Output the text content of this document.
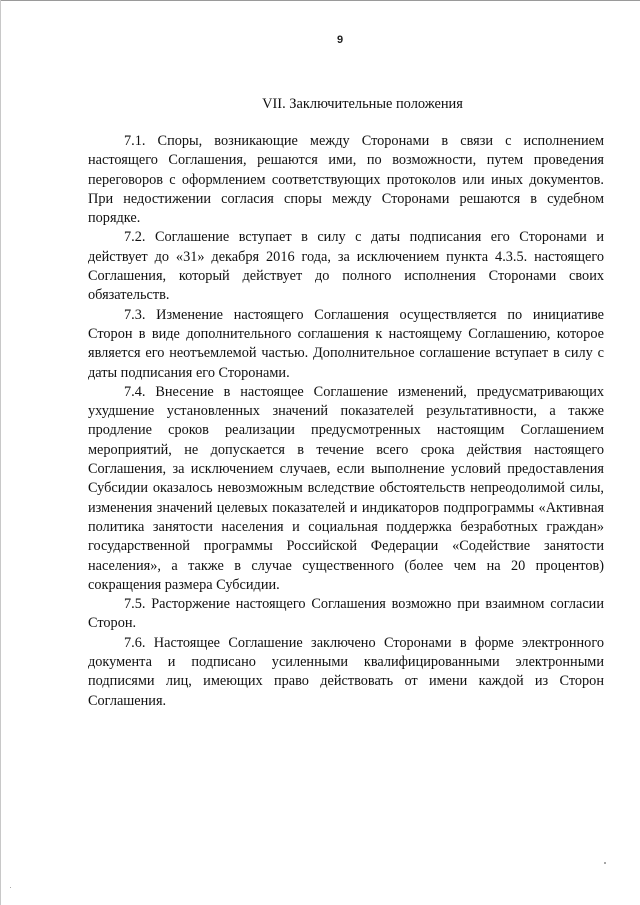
9
VII. Заключительные положения

7.1. Споры, возникающие между Сторонами в связи с исполнением настоящего Соглашения, решаются ими, по возможности, путем проведения переговоров с оформлением соответствующих протоколов или иных документов. При недостижении согласия споры между Сторонами решаются в судебном порядке.

7.2. Соглашение вступает в силу с даты подписания его Сторонами и действует до «31» декабря 2016 года, за исключением пункта 4.3.5. настоящего Соглашения, который действует до полного исполнения Сторонами своих обязательств.

7.3. Изменение настоящего Соглашения осуществляется по инициативе Сторон в виде дополнительного соглашения к настоящему Соглашению, которое является его неотъемлемой частью. Дополнительное соглашение вступает в силу с даты подписания его Сторонами.

7.4. Внесение в настоящее Соглашение изменений, предусматривающих ухудшение установленных значений показателей результативности, а также продление сроков реализации предусмотренных настоящим Соглашением мероприятий, не допускается в течение всего срока действия настоящего Соглашения, за исключением случаев, если выполнение условий предоставления Субсидии оказалось невозможным вследствие обстоятельств непреодолимой силы, изменения значений целевых показателей и индикаторов подпрограммы «Активная политика занятости населения и социальная поддержка безработных граждан» государственной программы Российской Федерации «Содействие занятости населения», а также в случае существенного (более чем на 20 процентов) сокращения размера Субсидии.

7.5. Расторжение настоящего Соглашения возможно при взаимном согласии Сторон.

7.6. Настоящее Соглашение заключено Сторонами в форме электронного документа и подписано усиленными квалифицированными электронными подписями лиц, имеющих право действовать от имени каждой из Сторон Соглашения.
